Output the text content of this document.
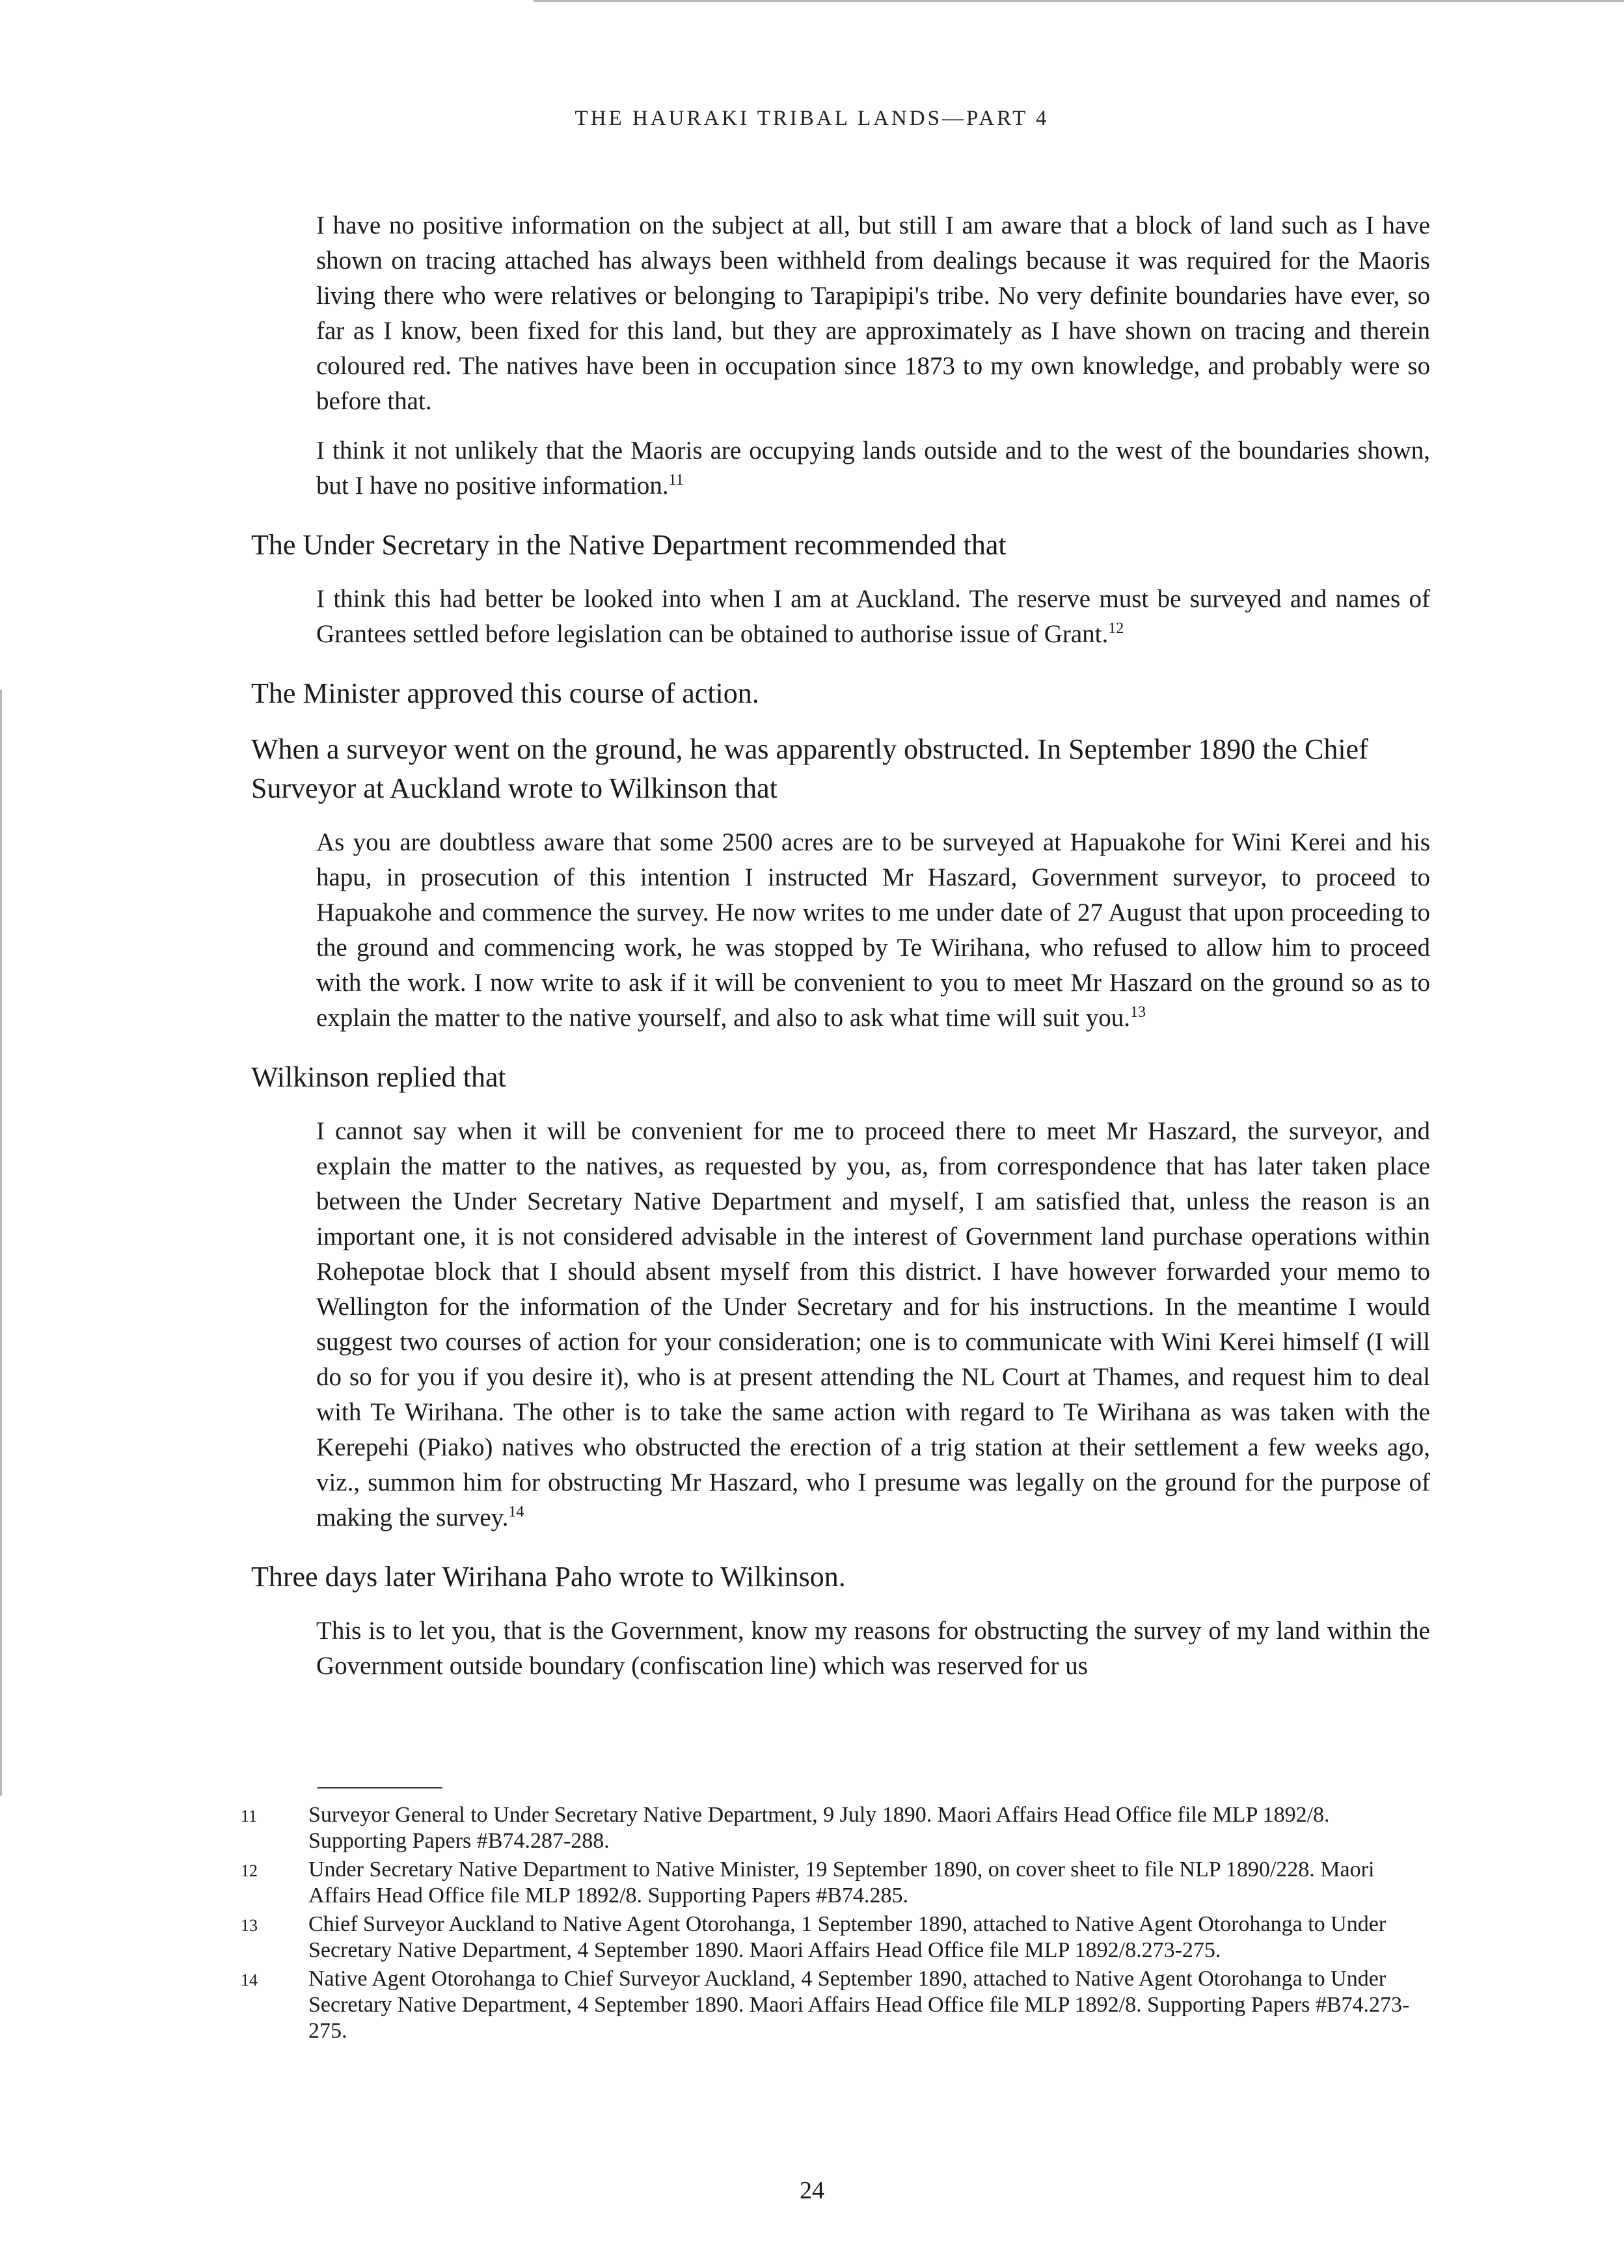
THE HAURAKI TRIBAL LANDS—PART 4

I have no positive information on the subject at all, but still I am aware that a block of land such as I have shown on tracing attached has always been withheld from dealings because it was required for the Maoris living there who were relatives or belonging to Tarapipipi's tribe. No very definite boundaries have ever, so far as I know, been fixed for this land, but they are approximately as I have shown on tracing and therein coloured red. The natives have been in occupation since 1873 to my own knowledge, and probably were so before that.

I think it not unlikely that the Maoris are occupying lands outside and to the west of the boundaries shown, but I have no positive information.$^{11}$

The Under Secretary in the Native Department recommended that

I think this had better be looked into when I am at Auckland. The reserve must be surveyed and names of Grantees settled before legislation can be obtained to authorise issue of Grant.$^{12}$

The Minister approved this course of action.

When a surveyor went on the ground, he was apparently obstructed. In September 1890 the Chief Surveyor at Auckland wrote to Wilkinson that

As you are doubtless aware that some 2500 acres are to be surveyed at Hapuakohe for Wini Kerei and his hapu, in prosecution of this intention I instructed Mr Haszard, Government surveyor, to proceed to Hapuakohe and commence the survey. He now writes to me under date of 27 August that upon proceeding to the ground and commencing work, he was stopped by Te Wirihana, who refused to allow him to proceed with the work. I now write to ask if it will be convenient to you to meet Mr Haszard on the ground so as to explain the matter to the native yourself, and also to ask what time will suit you.$^{13}$

Wilkinson replied that

I cannot say when it will be convenient for me to proceed there to meet Mr Haszard, the surveyor, and explain the matter to the natives, as requested by you, as, from correspondence that has later taken place between the Under Secretary Native Department and myself, I am satisfied that, unless the reason is an important one, it is not considered advisable in the interest of Government land purchase operations within Rohepotae block that I should absent myself from this district. I have however forwarded your memo to Wellington for the information of the Under Secretary and for his instructions. In the meantime I would suggest two courses of action for your consideration; one is to communicate with Wini Kerei himself (I will do so for you if you desire it), who is at present attending the NL Court at Thames, and request him to deal with Te Wirihana. The other is to take the same action with regard to Te Wirihana as was taken with the Kerepehi (Piako) natives who obstructed the erection of a trig station at their settlement a few weeks ago, viz., summon him for obstructing Mr Haszard, who I presume was legally on the ground for the purpose of making the survey.$^{14}$

Three days later Wirihana Paho wrote to Wilkinson.

This is to let you, that is the Government, know my reasons for obstructing the survey of my land within the Government outside boundary (confiscation line) which was reserved for us

11	Surveyor General to Under Secretary Native Department, 9 July 1890. Maori Affairs Head Office file MLP 1892/8. Supporting Papers #B74.287-288.
12	Under Secretary Native Department to Native Minister, 19 September 1890, on cover sheet to file NLP 1890/228. Maori Affairs Head Office file MLP 1892/8. Supporting Papers #B74.285.
13	Chief Surveyor Auckland to Native Agent Otorohanga, 1 September 1890, attached to Native Agent Otorohanga to Under Secretary Native Department, 4 September 1890. Maori Affairs Head Office file MLP 1892/8.273-275.
14	Native Agent Otorohanga to Chief Surveyor Auckland, 4 September 1890, attached to Native Agent Otorohanga to Under Secretary Native Department, 4 September 1890. Maori Affairs Head Office file MLP 1892/8. Supporting Papers #B74.273-275.
24
